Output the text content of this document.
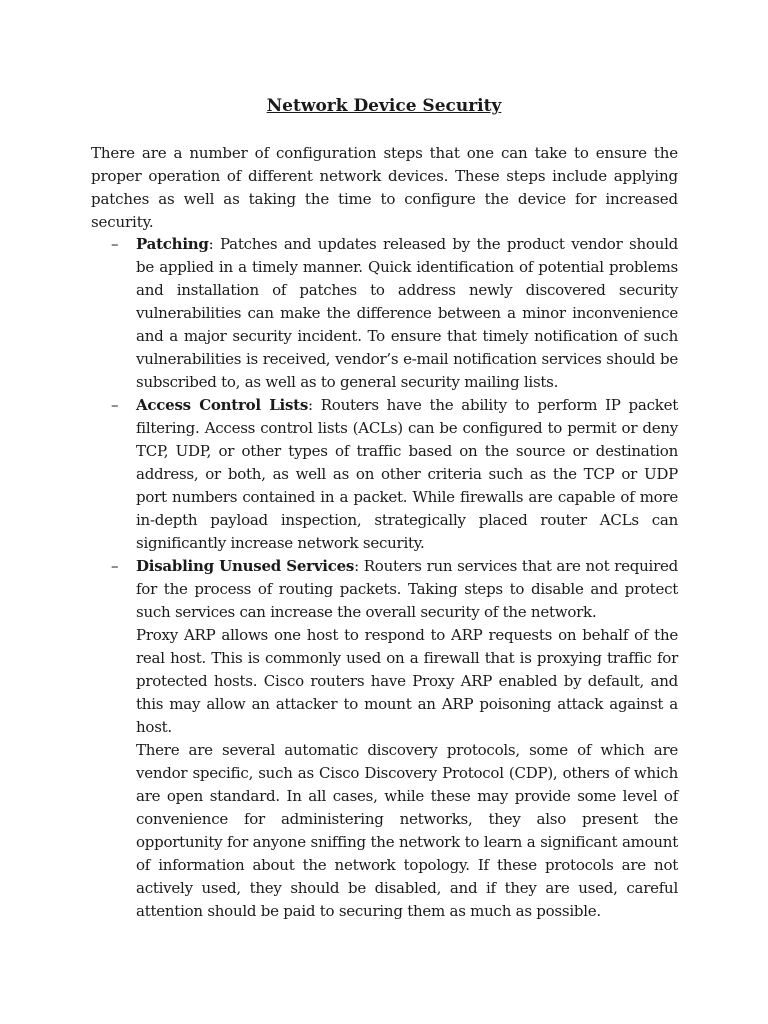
Network Device Security

There are a number of configuration steps that one can take to ensure the proper operation of different network devices. These steps include applying patches as well as taking the time to configure the device for increased security.

– Patching: Patches and updates released by the product vendor should be applied in a timely manner. Quick identification of potential problems and installation of patches to address newly discovered security vulnerabilities can make the difference between a minor inconvenience and a major security incident. To ensure that timely notification of such vulnerabilities is received, vendor’s e-mail notification services should be subscribed to, as well as to general security mailing lists.

– Access Control Lists: Routers have the ability to perform IP packet filtering. Access control lists (ACLs) can be configured to permit or deny TCP, UDP, or other types of traffic based on the source or destination address, or both, as well as on other criteria such as the TCP or UDP port numbers contained in a packet. While firewalls are capable of more in-depth payload inspection, strategically placed router ACLs can significantly increase network security.

– Disabling Unused Services: Routers run services that are not required for the process of routing packets. Taking steps to disable and protect such services can increase the overall security of the network.

Proxy ARP allows one host to respond to ARP requests on behalf of the real host. This is commonly used on a firewall that is proxying traffic for protected hosts. Cisco routers have Proxy ARP enabled by default, and this may allow an attacker to mount an ARP poisoning attack against a host.

There are several automatic discovery protocols, some of which are vendor specific, such as Cisco Discovery Protocol (CDP), others of which are open standard. In all cases, while these may provide some level of convenience for administering networks, they also present the opportunity for anyone sniffing the network to learn a significant amount of information about the network topology. If these protocols are not actively used, they should be disabled, and if they are used, careful attention should be paid to securing them as much as possible.
